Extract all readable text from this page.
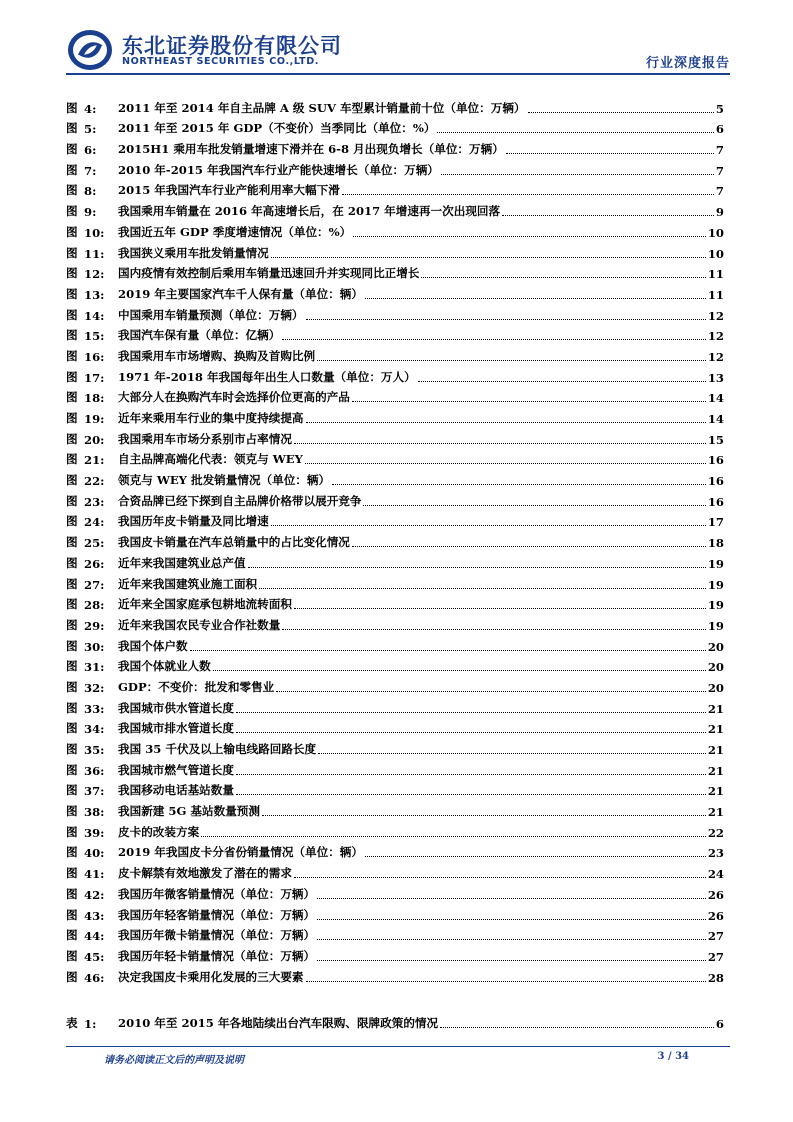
东北证券股份有限公司
NORTHEAST SECURITIES CO.,LTD.	行业深度报告
图 4:	2011 年至 2014 年自主品牌 A 级 SUV 车型累计销量前十位（单位：万辆）	5
图 5:	2011 年至 2015 年 GDP（不变价）当季同比（单位：%）	6
图 6:	2015H1 乘用车批发销量增速下滑并在 6-8 月出现负增长（单位：万辆）	7
图 7:	2010 年-2015 年我国汽车行业产能快速增长（单位：万辆）	7
图 8:	2015 年我国汽车行业产能利用率大幅下滑	7
图 9:	我国乘用车销量在 2016 年高速增长后，在 2017 年增速再一次出现回落	9
图 10:	我国近五年 GDP 季度增速情况（单位：%）	10
图 11:	我国狭义乘用车批发销量情况	10
图 12:	国内疫情有效控制后乘用车销量迅速回升并实现同比正增长	11
图 13:	2019 年主要国家汽车千人保有量（单位：辆）	11
图 14:	中国乘用车销量预测（单位：万辆）	12
图 15:	我国汽车保有量（单位：亿辆）	12
图 16:	我国乘用车市场增购、换购及首购比例	12
图 17:	1971 年-2018 年我国每年出生人口数量（单位：万人）	13
图 18:	大部分人在换购汽车时会选择价位更高的产品	14
图 19:	近年来乘用车行业的集中度持续提高	14
图 20:	我国乘用车市场分系别市占率情况	15
图 21:	自主品牌高端化代表：领克与 WEY	16
图 22:	领克与 WEY 批发销量情况（单位：辆）	16
图 23:	合资品牌已经下探到自主品牌价格带以展开竞争	16
图 24:	我国历年皮卡销量及同比增速	17
图 25:	我国皮卡销量在汽车总销量中的占比变化情况	18
图 26:	近年来我国建筑业总产值	19
图 27:	近年来我国建筑业施工面积	19
图 28:	近年来全国家庭承包耕地流转面积	19
图 29:	近年来我国农民专业合作社数量	19
图 30:	我国个体户数	20
图 31:	我国个体就业人数	20
图 32:	GDP：不变价：批发和零售业	20
图 33:	我国城市供水管道长度	21
图 34:	我国城市排水管道长度	21
图 35:	我国 35 千伏及以上输电线路回路长度	21
图 36:	我国城市燃气管道长度	21
图 37:	我国移动电话基站数量	21
图 38:	我国新建 5G 基站数量预测	21
图 39:	皮卡的改装方案	22
图 40:	2019 年我国皮卡分省份销量情况（单位：辆）	23
图 41:	皮卡解禁有效地激发了潜在的需求	24
图 42:	我国历年微客销量情况（单位：万辆）	26
图 43:	我国历年轻客销量情况（单位：万辆）	26
图 44:	我国历年微卡销量情况（单位：万辆）	27
图 45:	我国历年轻卡销量情况（单位：万辆）	27
图 46:	决定我国皮卡乘用化发展的三大要素	28
表 1:	2010 年至 2015 年各地陆续出台汽车限购、限牌政策的情况	6
请务必阅读正文后的声明及说明	3 / 34
